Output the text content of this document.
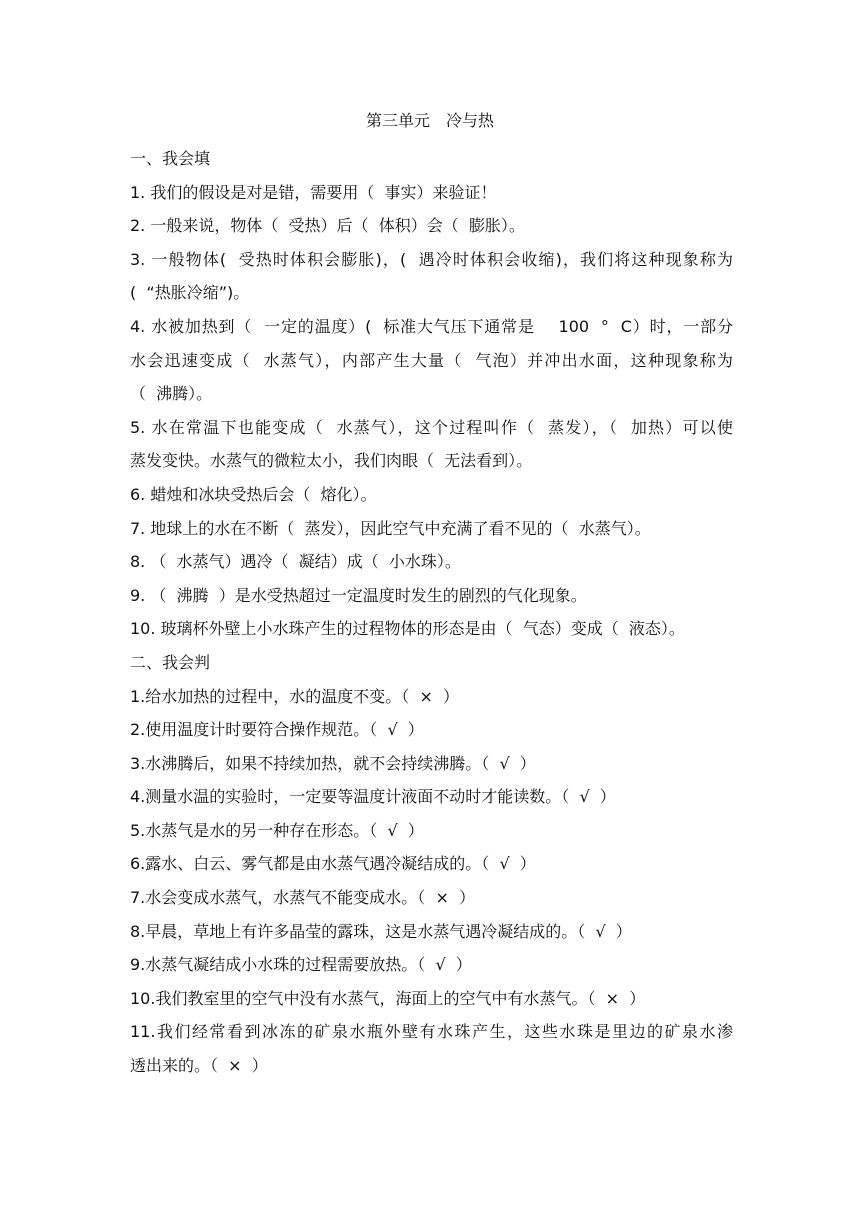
第三单元　冷与热
一、我会填
1. 我们的假设是对是错，需要用（  事实）来验证！
2. 一般来说，物体（  受热）后（  体积）会（  膨胀）。
3. 一般物体(  受热时体积会膨胀)，(  遇冷时体积会收缩)，我们将这种现象称为
(  “热胀冷缩”)。
4. 水被加热到（  一定的温度）(  标准大气压下通常是    100  °  C）时，一部分
水会迅速变成（  水蒸气），内部产生大量（  气泡）并冲出水面，这种现象称为
（  沸腾）。
5. 水在常温下也能变成（  水蒸气），这个过程叫作（  蒸发），（  加热）可以使
蒸发变快。水蒸气的微粒太小，我们肉眼（  无法看到）。
6. 蜡烛和冰块受热后会（  熔化）。
7. 地球上的水在不断（  蒸发），因此空气中充满了看不见的（  水蒸气）。
8. （  水蒸气）遇冷（  凝结）成（  小水珠）。
9. （  沸腾  ）是水受热超过一定温度时发生的剧烈的气化现象。
10. 玻璃杯外壁上小水珠产生的过程物体的形态是由（  气态）变成（  液态）。
二、我会判
1.给水加热的过程中，水的温度不变。（  ×  ）
2.使用温度计时要符合操作规范。（  √  ）
3.水沸腾后，如果不持续加热，就不会持续沸腾。（  √  ）
4.测量水温的实验时，一定要等温度计液面不动时才能读数。（  √  ）
5.水蒸气是水的另一种存在形态。（  √  ）
6.露水、白云、雾气都是由水蒸气遇冷凝结成的。（  √  ）
7.水会变成水蒸气，水蒸气不能变成水。（  ×  ）
8.早晨，草地上有许多晶莹的露珠，这是水蒸气遇冷凝结成的。（  √  ）
9.水蒸气凝结成小水珠的过程需要放热。（  √  ）
10.我们教室里的空气中没有水蒸气，海面上的空气中有水蒸气。（  ×  ）
11.我们经常看到冰冻的矿泉水瓶外壁有水珠产生，这些水珠是里边的矿泉水渗
透出来的。（  ×  ）
